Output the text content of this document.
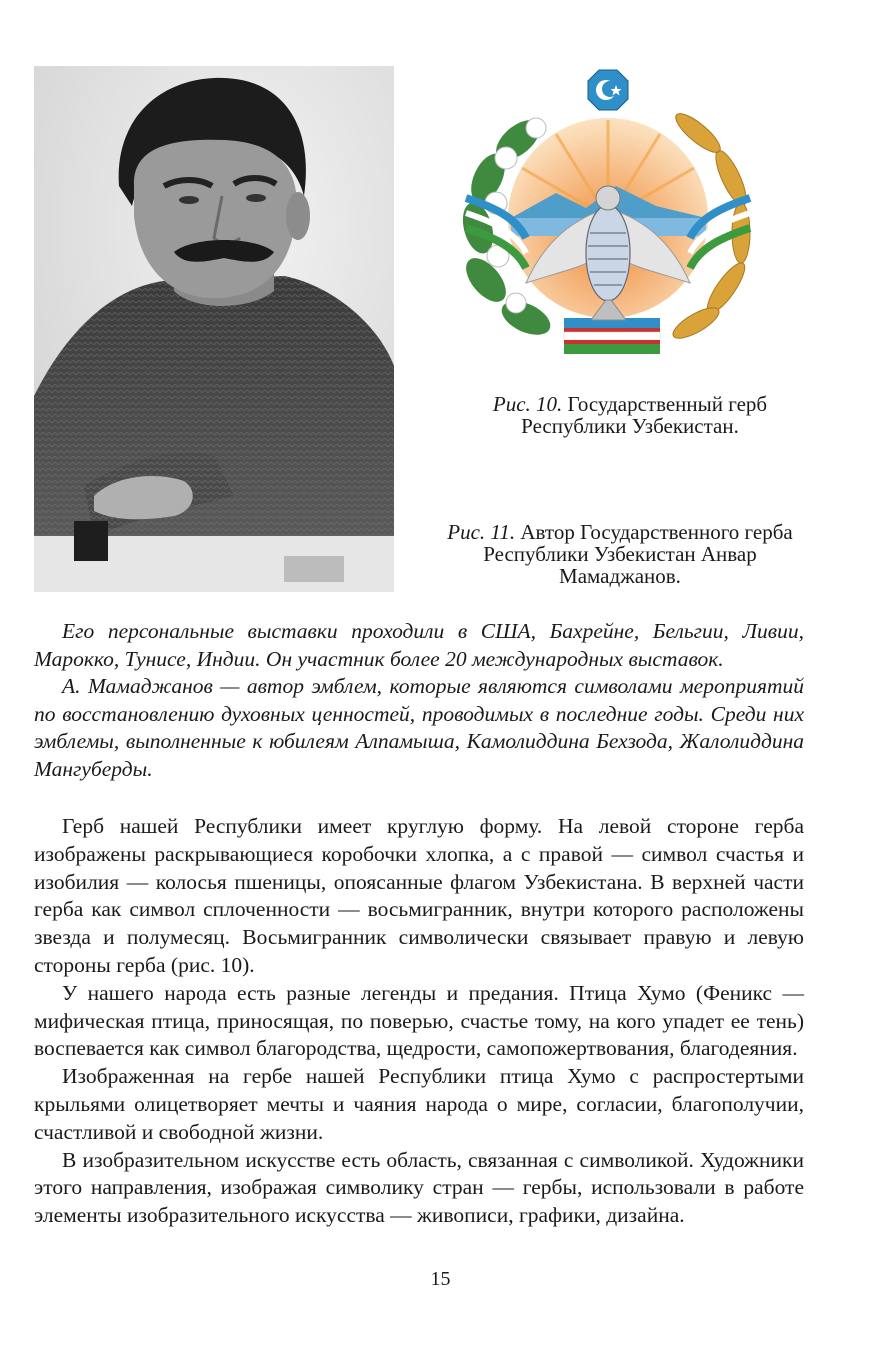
Рис. 10. Государственный герб Республики Узбекистан.
Рис. 11. Автор Государственного герба Республики Узбекистан Анвар Мамаджанов.

Его персональные выставки проходили в США, Бахрейне, Бельгии, Ливии, Марокко, Тунисе, Индии. Он участник более 20 международных выставок.

А. Мамаджанов — автор эмблем, которые являются символами мероприятий по восстановлению духовных ценностей, проводимых в последние годы. Среди них эмблемы, выполненные к юбилеям Алпамыша, Камолиддина Бехзода, Жалолиддина Мангуберды.

Герб нашей Республики имеет круглую форму. На левой стороне герба изображены раскрывающиеся коробочки хлопка, а с правой — символ счастья и изобилия — колосья пшеницы, опоясанные флагом Узбекистана. В верхней части герба как символ сплоченности — восьмигранник, внутри которого расположены звезда и полумесяц. Восьмигранник символически связывает правую и левую стороны герба (рис. 10).

У нашего народа есть разные легенды и предания. Птица Хумо (Феникс — мифическая птица, приносящая, по поверью, счастье тому, на кого упадет ее тень) воспевается как символ благородства, щедрости, самопожертвования, благодеяния.

Изображенная на гербе нашей Республики птица Хумо с распростертыми крыльями олицетворяет мечты и чаяния народа о мире, согласии, благополучии, счастливой и свободной жизни.

В изобразительном искусстве есть область, связанная с символикой. Художники этого направления, изображая символику стран — гербы, использовали в работе элементы изобразительного искусства — живописи, графики, дизайна.

15
